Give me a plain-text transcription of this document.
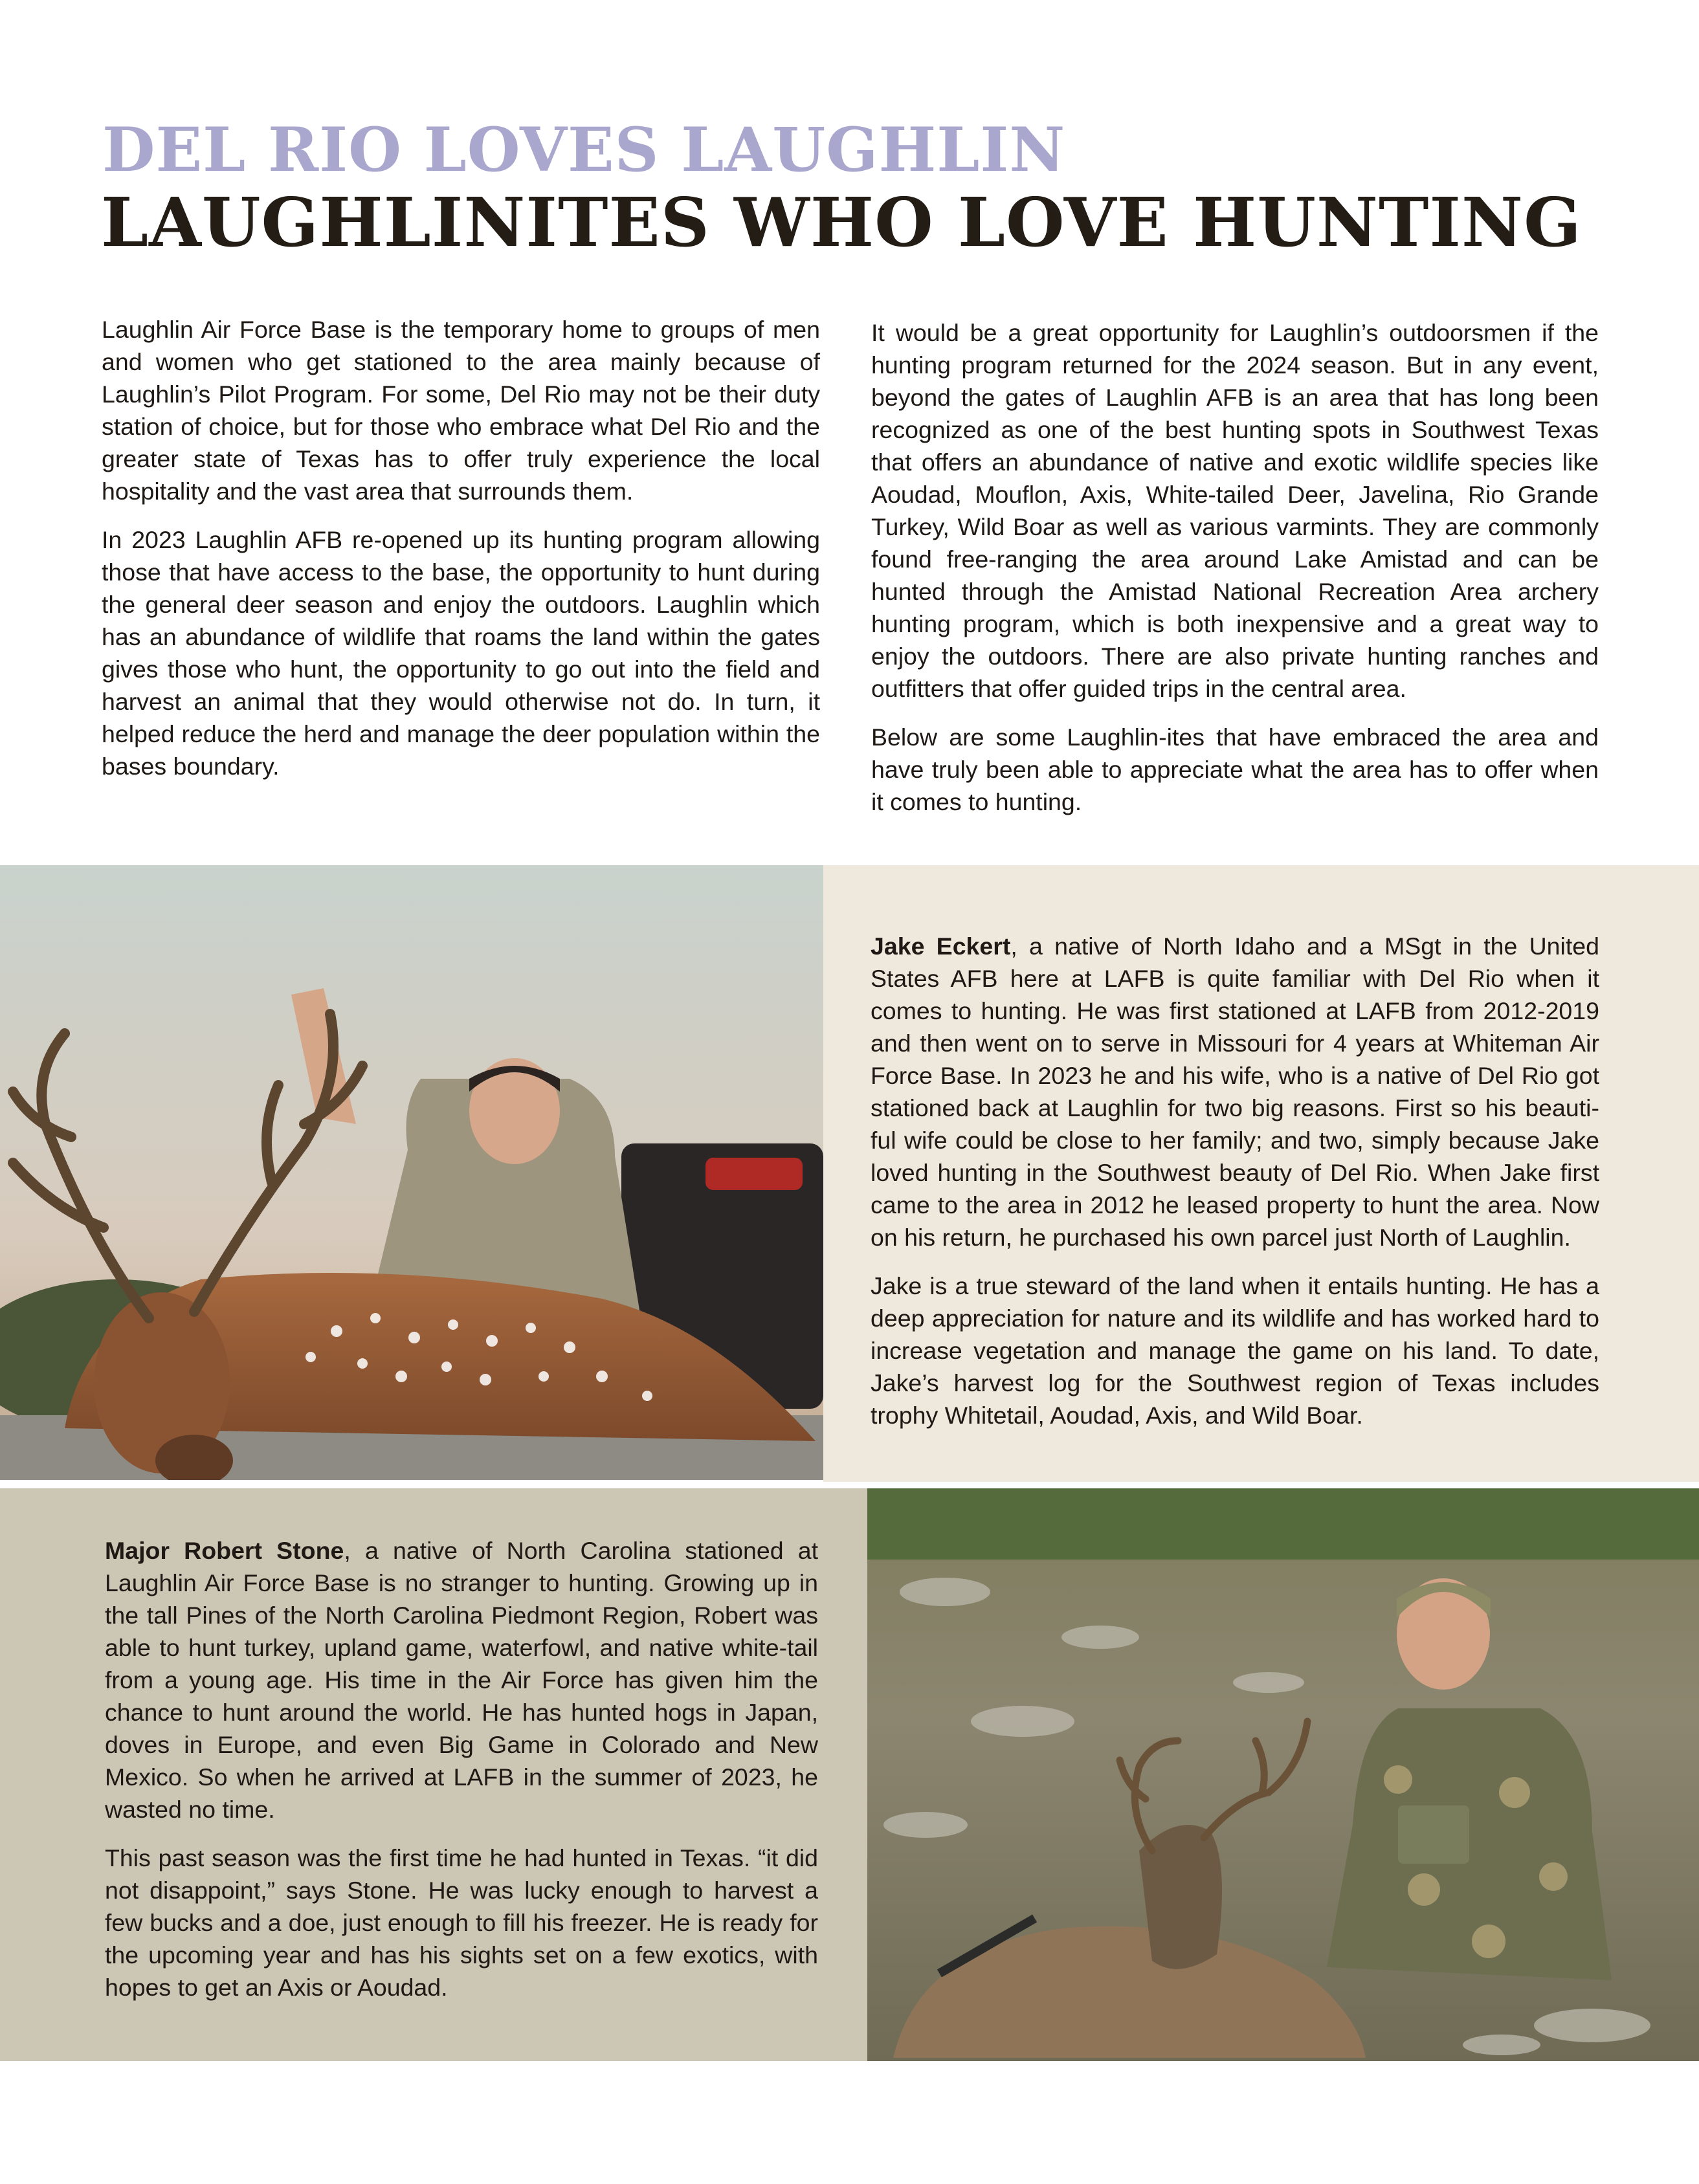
DEL RIO LOVES LAUGHLIN
LAUGHLINITES WHO LOVE HUNTING

Laughlin Air Force Base is the temporary home to groups of men and women who get stationed to the area mainly because of Laughlin’s Pilot Program. For some, Del Rio may not be their duty station of choice, but for those who embrace what Del Rio and the greater state of Texas has to offer truly experience the local hospitality and the vast area that surrounds them.

In 2023 Laughlin AFB re-opened up its hunting program allowing those that have access to the base, the opportunity to hunt during the general deer season and enjoy the outdoors. Laughlin which has an abundance of wildlife that roams the land within the gates gives those who hunt, the opportunity to go out into the field and harvest an animal that they would otherwise not do. In turn, it helped reduce the herd and manage the deer population within the bases boundary.

It would be a great opportunity for Laughlin’s outdoorsmen if the hunting program returned for the 2024 season. But in any event, beyond the gates of Laughlin AFB is an area that has long been recognized as one of the best hunting spots in Southwest Texas that offers an abundance of native and exotic wildlife species like Aoudad, Mouflon, Axis, White-tailed Deer, Javelina, Rio Grande Turkey, Wild Boar as well as various varmints. They are commonly found free-ranging the area around Lake Amistad and can be hunted through the Amistad National Recreation Area archery hunting program, which is both inexpensive and a great way to enjoy the outdoors. There are also private hunting ranches and outfitters that offer guided trips in the central area.

Below are some Laughlin-ites that have embraced the area and have truly been able to appreciate what the area has to offer when it comes to hunting.

Jake Eckert, a native of North Idaho and a MSgt in the United States AFB here at LAFB is quite familiar with Del Rio when it comes to hunting. He was first stationed at LAFB from 2012-2019 and then went on to serve in Missouri for 4 years at Whiteman Air Force Base. In 2023 he and his wife, who is a native of Del Rio got stationed back at Laughlin for two big reasons. First so his beauti-ful wife could be close to her family; and two, simply because Jake loved hunting in the Southwest beauty of Del Rio. When Jake first came to the area in 2012 he leased property to hunt the area. Now on his return, he purchased his own parcel just North of Laughlin.

Jake is a true steward of the land when it entails hunting. He has a deep appreciation for nature and its wildlife and has worked hard to increase vegetation and manage the game on his land. To date, Jake’s harvest log for the Southwest region of Texas includes trophy Whitetail, Aoudad, Axis, and Wild Boar.

Major Robert Stone, a native of North Carolina stationed at Laughlin Air Force Base is no stranger to hunting. Growing up in the tall Pines of the North Carolina Piedmont Region, Robert was able to hunt turkey, upland game, waterfowl, and native white-tail from a young age. His time in the Air Force has given him the chance to hunt around the world. He has hunted hogs in Japan, doves in Europe, and even Big Game in Colorado and New Mexico. So when he arrived at LAFB in the summer of 2023, he wasted no time.

This past season was the first time he had hunted in Texas. “it did not disappoint,” says Stone. He was lucky enough to harvest a few bucks and a doe, just enough to fill his freezer. He is ready for the upcoming year and has his sights set on a few exotics, with hopes to get an Axis or Aoudad.
